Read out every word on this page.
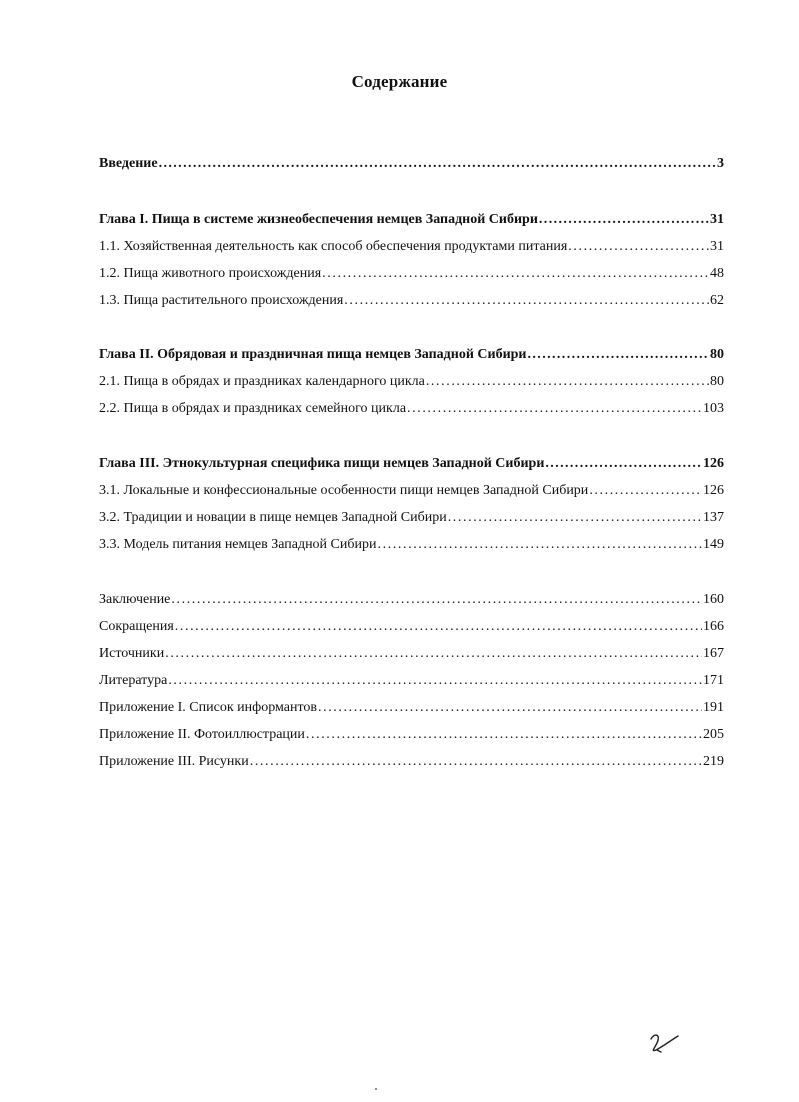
Содержание
Введение .....	3
Глава I. Пища в системе жизнеобеспечения немцев Западной Сибири .....	31
1.1. Хозяйственная деятельность как способ обеспечения продуктами питания .....	31
1.2. Пища животного происхождения .....	48
1.3. Пища растительного происхождения .....	62
Глава II. Обрядовая и праздничная пища немцев Западной Сибири .....	80
2.1. Пища в обрядах и праздниках календарного цикла .....	80
2.2. Пища в обрядах и праздниках семейного цикла .....	103
Глава III. Этнокультурная специфика пищи немцев Западной Сибири .....	126
3.1. Локальные и конфессиональные особенности пищи немцев Западной Сибири .....	126
3.2. Традиции и новации в пище немцев Западной Сибири .....	137
3.3. Модель питания немцев Западной Сибири .....	149
Заключение .....	160
Сокращения .....	166
Источники .....	167
Литература .....	171
Приложение I. Список информантов .....	191
Приложение II. Фотоиллюстрации .....	205
Приложение III. Рисунки .....	219
